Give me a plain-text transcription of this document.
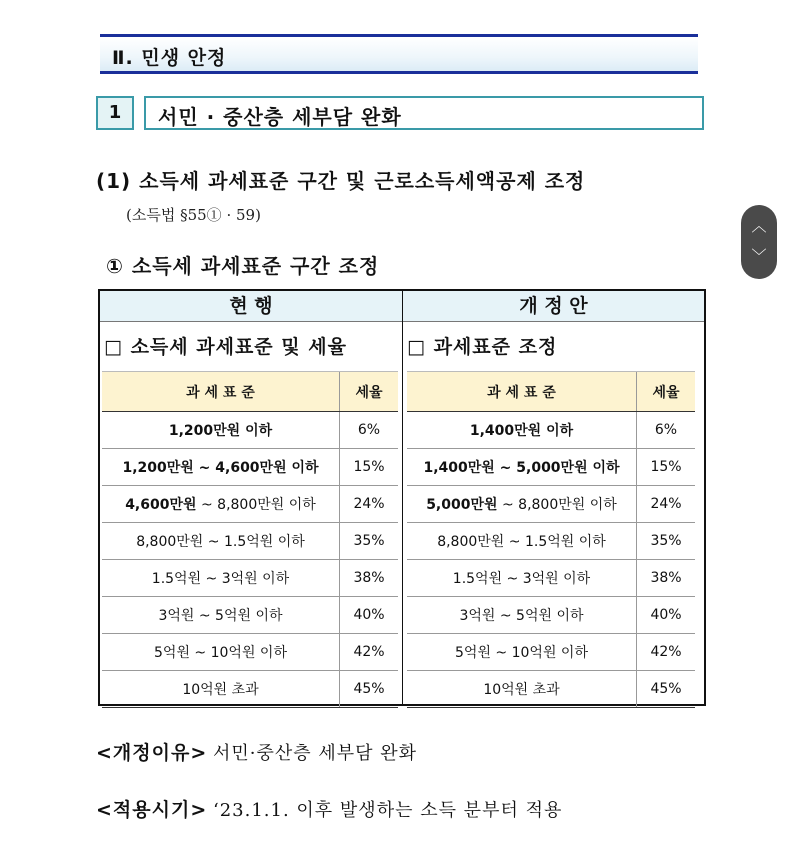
Ⅱ. 민생 안정
1	서민 · 중산층 세부담 완화
(1) 소득세 과세표준 구간 및 근로소득세액공제 조정
(소득법 §55① · 59)
① 소득세 과세표준 구간 조정
현 행	개 정 안
□ 소득세 과세표준 및 세율	□ 과세표준 조정
과 세 표 준	세율
1,200만원 이하	6%
1,200만원 ~ 4,600만원 이하	15%
4,600만원 ~ 8,800만원 이하	24%
8,800만원 ~ 1.5억원 이하	35%
1.5억원 ~ 3억원 이하	38%
3억원 ~ 5억원 이하	40%
5억원 ~ 10억원 이하	42%
10억원 초과	45%
과 세 표 준	세율
1,400만원 이하	6%
1,400만원 ~ 5,000만원 이하	15%
5,000만원 ~ 8,800만원 이하	24%
8,800만원 ~ 1.5억원 이하	35%
1.5억원 ~ 3억원 이하	38%
3억원 ~ 5억원 이하	40%
5억원 ~ 10억원 이하	42%
10억원 초과	45%
︿
﹀
<개정이유> 서민·중산층 세부담 완화
<적용시기> ‘23.1.1. 이후 발생하는 소득 분부터 적용
